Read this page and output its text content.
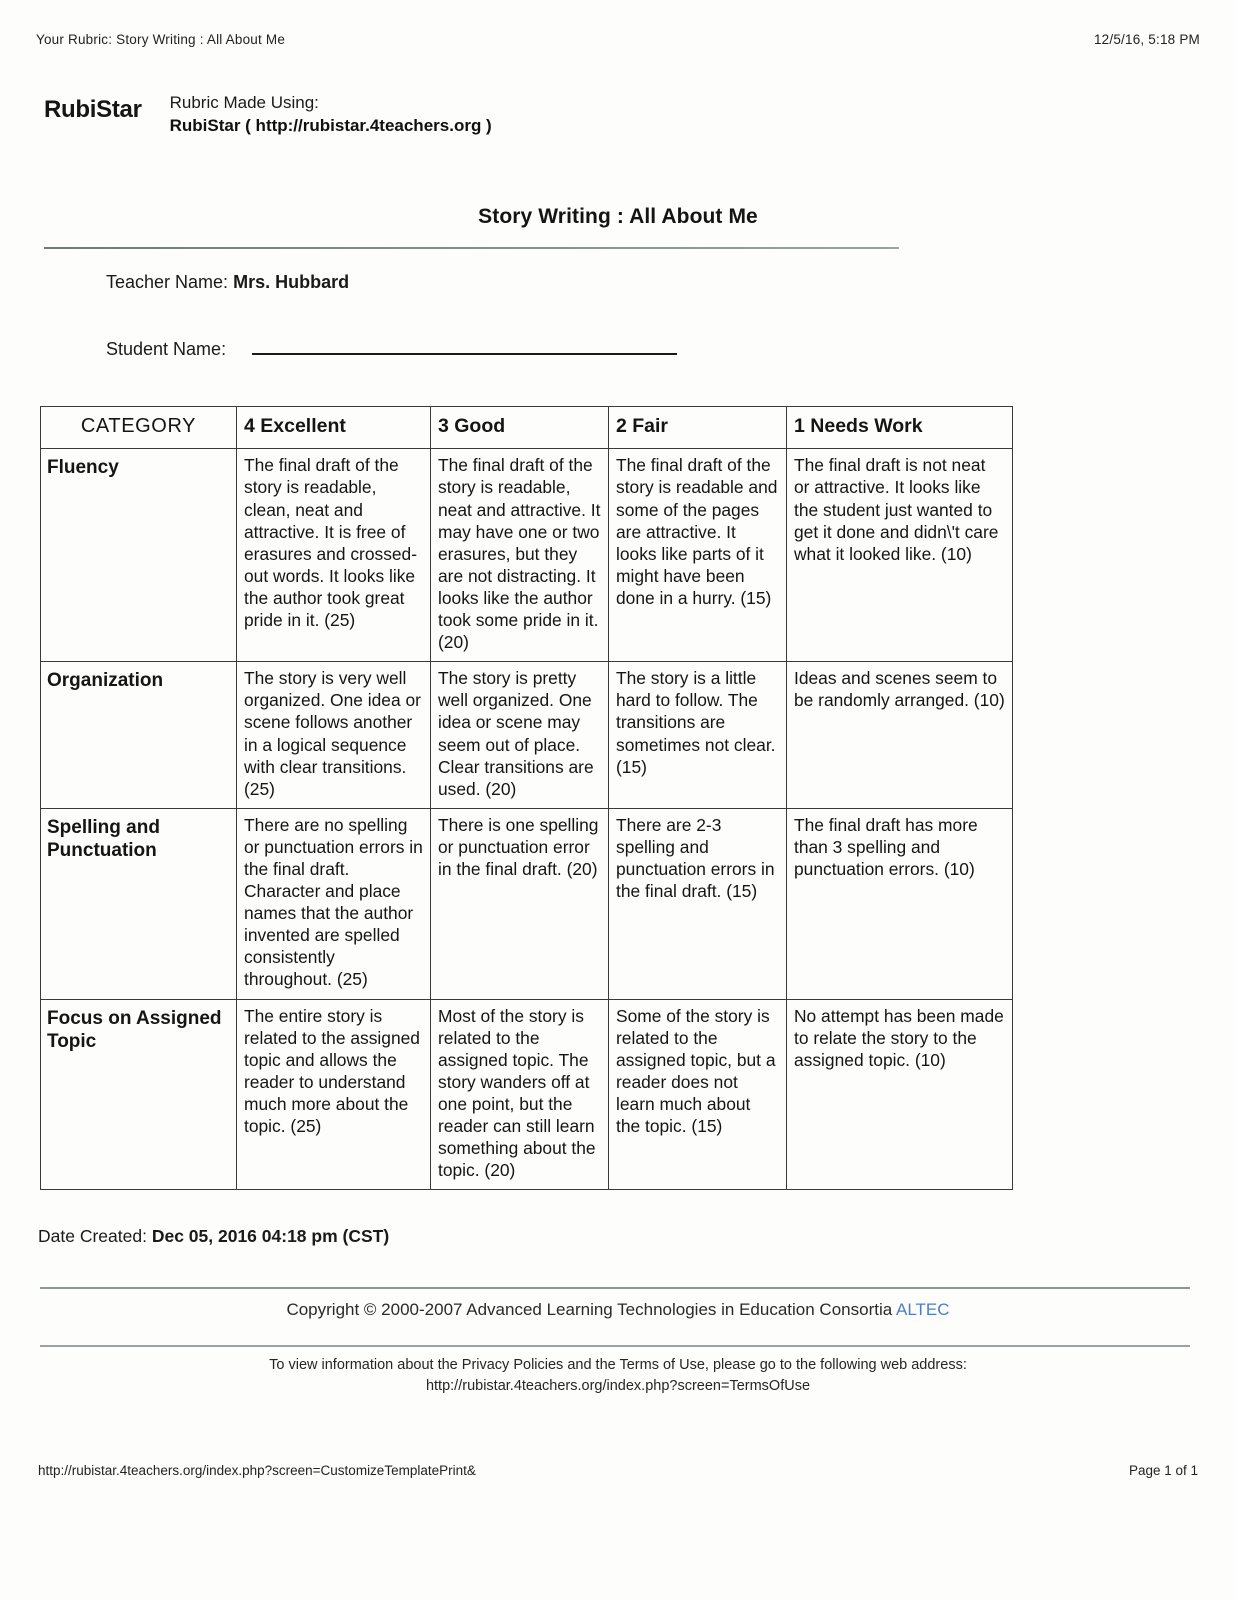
Your Rubric: Story Writing : All About Me	12/5/16, 5:18 PM
RubiStar Rubric Made Using:
RubiStar ( http://rubistar.4teachers.org )
Story Writing : All About Me
Teacher Name: Mrs. Hubbard
Student Name:
CATEGORY	4 Excellent	3 Good	2 Fair	1 Needs Work
Fluency	The final draft of the story is readable, clean, neat and attractive. It is free of erasures and crossed-out words. It looks like the author took great pride in it. (25)	The final draft of the story is readable, neat and attractive. It may have one or two erasures, but they are not distracting. It looks like the author took some pride in it. (20)	The final draft of the story is readable and some of the pages are attractive. It looks like parts of it might have been done in a hurry. (15)	The final draft is not neat or attractive. It looks like the student just wanted to get it done and didn\'t care what it looked like. (10)
Organization	The story is very well organized. One idea or scene follows another in a logical sequence with clear transitions. (25)	The story is pretty well organized. One idea or scene may seem out of place. Clear transitions are used. (20)	The story is a little hard to follow. The transitions are sometimes not clear. (15)	Ideas and scenes seem to be randomly arranged. (10)
Spelling and Punctuation	There are no spelling or punctuation errors in the final draft. Character and place names that the author invented are spelled consistently throughout. (25)	There is one spelling or punctuation error in the final draft. (20)	There are 2-3 spelling and punctuation errors in the final draft. (15)	The final draft has more than 3 spelling and punctuation errors. (10)
Focus on Assigned Topic	The entire story is related to the assigned topic and allows the reader to understand much more about the topic. (25)	Most of the story is related to the assigned topic. The story wanders off at one point, but the reader can still learn something about the topic. (20)	Some of the story is related to the assigned topic, but a reader does not learn much about the topic. (15)	No attempt has been made to relate the story to the assigned topic. (10)
Date Created: Dec 05, 2016 04:18 pm (CST)
Copyright © 2000-2007 Advanced Learning Technologies in Education Consortia ALTEC
To view information about the Privacy Policies and the Terms of Use, please go to the following web address:
http://rubistar.4teachers.org/index.php?screen=TermsOfUse
http://rubistar.4teachers.org/index.php?screen=CustomizeTemplatePrint&	Page 1 of 1
